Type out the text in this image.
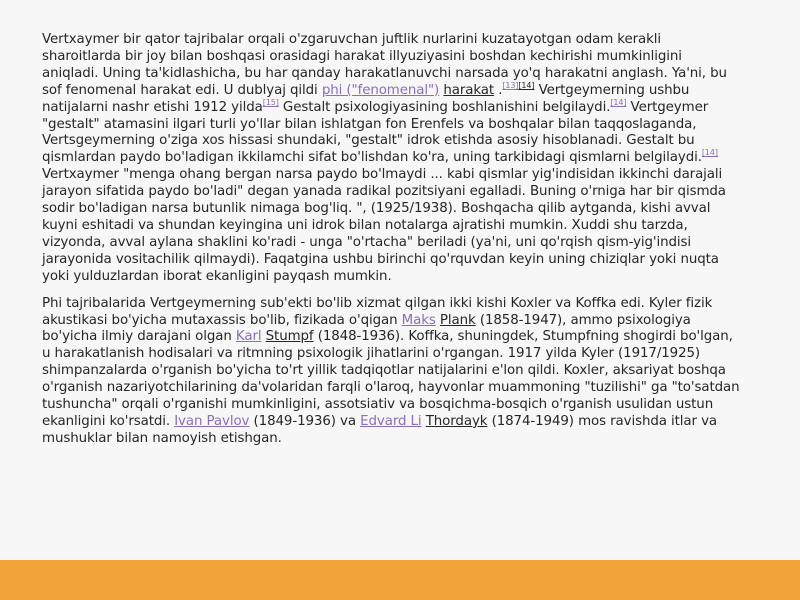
Vertxaymer bir qator tajribalar orqali o'zgaruvchan juftlik nurlarini kuzatayotgan odam kerakli sharoitlarda bir joy bilan boshqasi orasidagi harakat illyuziyasini boshdan kechirishi mumkinligini aniqladi. Uning ta'kidlashicha, bu har qanday harakatlanuvchi narsada yo'q harakatni anglash. Ya'ni, bu sof fenomenal harakat edi. U dublyaj qildi phi ("fenomenal") harakat .[13][14] Vertgeymerning ushbu natijalarni nashr etishi 1912 yilda[15] Gestalt psixologiyasining boshlanishini belgilaydi.[14] Vertgeymer "gestalt" atamasini ilgari turli yo'llar bilan ishlatgan fon Erenfels va boshqalar bilan taqqoslaganda, Vertsgeymerning o'ziga xos hissasi shundaki, "gestalt" idrok etishda asosiy hisoblanadi. Gestalt bu qismlardan paydo bo'ladigan ikkilamchi sifat bo'lishdan ko'ra, uning tarkibidagi qismlarni belgilaydi.[14] Vertxaymer "menga ohang bergan narsa paydo bo'lmaydi ... kabi qismlar yig'indisidan ikkinchi darajali jarayon sifatida paydo bo'ladi" degan yanada radikal pozitsiyani egalladi. Buning o'rniga har bir qismda sodir bo'ladigan narsa butunlik nimaga bog'liq. ", (1925/1938). Boshqacha qilib aytganda, kishi avval kuyni eshitadi va shundan keyingina uni idrok bilan notalarga ajratishi mumkin. Xuddi shu tarzda, vizyonda, avval aylana shaklini ko'radi - unga "o'rtacha" beriladi (ya'ni, uni qo'rqish qism-yig'indisi jarayonida vositachilik qilmaydi). Faqatgina ushbu birinchi qo'rquvdan keyin uning chiziqlar yoki nuqta yoki yulduzlardan iborat ekanligini payqash mumkin.

Phi tajribalarida Vertgeymerning sub'ekti bo'lib xizmat qilgan ikki kishi Koxler va Koffka edi. Kyler fizik akustikasi bo'yicha mutaxassis bo'lib, fizikada o'qigan Maks Plank (1858-1947), ammo psixologiya bo'yicha ilmiy darajani olgan Karl Stumpf (1848-1936). Koffka, shuningdek, Stumpfning shogirdi bo'lgan, u harakatlanish hodisalari va ritmning psixologik jihatlarini o'rgangan. 1917 yilda Kyler (1917/1925) shimpanzalarda o'rganish bo'yicha to'rt yillik tadqiqotlar natijalarini e'lon qildi. Koxler, aksariyat boshqa o'rganish nazariyotchilarining da'volaridan farqli o'laroq, hayvonlar muammoning "tuzilishi" ga "to'satdan tushuncha" orqali o'rganishi mumkinligini, assotsiativ va bosqichma-bosqich o'rganish usulidan ustun ekanligini ko'rsatdi. Ivan Pavlov (1849-1936) va Edvard Li Thordayk (1874-1949) mos ravishda itlar va mushuklar bilan namoyish etishgan.
